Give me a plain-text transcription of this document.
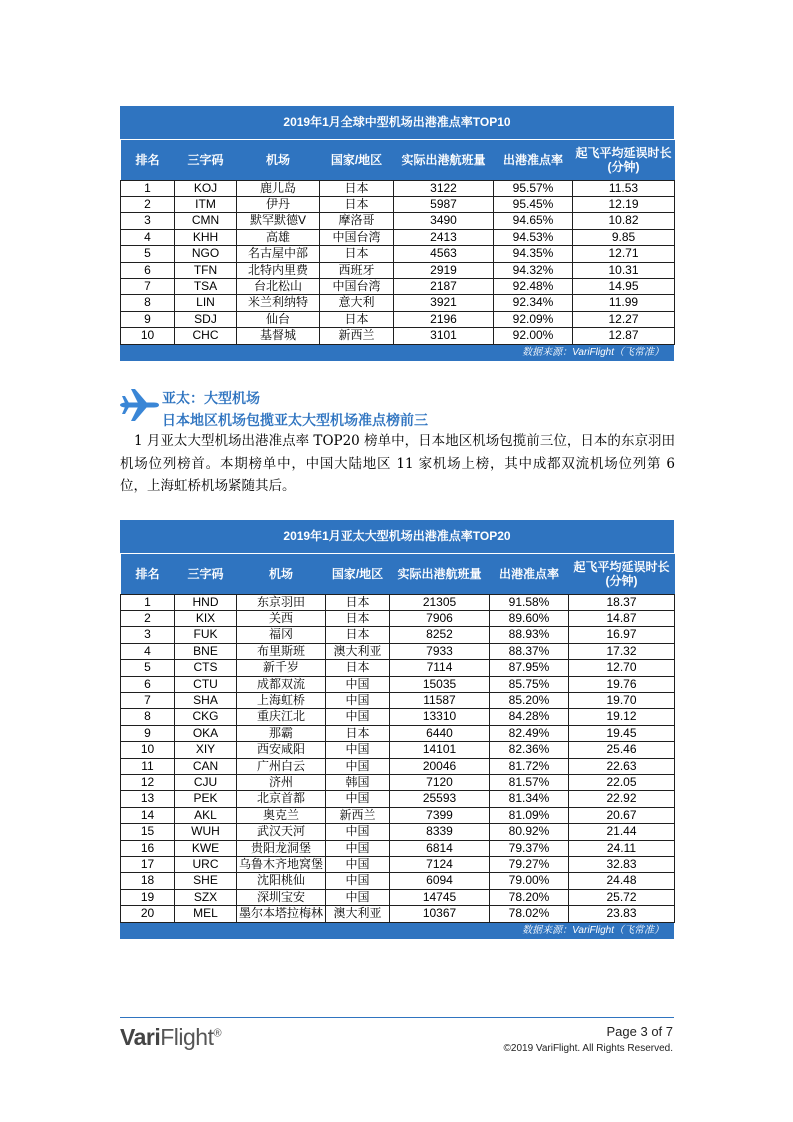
2019年1月全球中型机场出港准点率TOP10
排名	三字码	机场	国家/地区	实际出港航班量	出港准点率	起飞平均延误时长
(分钟)

1	KOJ	鹿儿岛	日本	3122	95.57%	11.53
2	ITM	伊丹	日本	5987	95.45%	12.19
3	CMN	默罕默德V	摩洛哥	3490	94.65%	10.82
4	KHH	高雄	中国台湾	2413	94.53%	9.85
5	NGO	名古屋中部	日本	4563	94.35%	12.71
6	TFN	北特内里费	西班牙	2919	94.32%	10.31
7	TSA	台北松山	中国台湾	2187	92.48%	14.95
8	LIN	米兰利纳特	意大利	3921	92.34%	11.99
9	SDJ	仙台	日本	2196	92.09%	12.27
10	CHC	基督城	新西兰	3101	92.00%	12.87
数据来源：VariFlight（飞常准）
亚太：大型机场
日本地区机场包揽亚太大型机场准点榜前三
1 月亚太大型机场出港准点率 TOP20 榜单中，日本地区机场包揽前三位，日本的东京羽田机场位列榜首。本期榜单中，中国大陆地区 11 家机场上榜，其中成都双流机场位列第 6 位，上海虹桥机场紧随其后。
2019年1月亚太大型机场出港准点率TOP20
排名	三字码	机场	国家/地区	实际出港航班量	出港准点率	起飞平均延误时长
(分钟)

1	HND	东京羽田	日本	21305	91.58%	18.37
2	KIX	关西	日本	7906	89.60%	14.87
3	FUK	福冈	日本	8252	88.93%	16.97
4	BNE	布里斯班	澳大利亚	7933	88.37%	17.32
5	CTS	新千岁	日本	7114	87.95%	12.70
6	CTU	成都双流	中国	15035	85.75%	19.76
7	SHA	上海虹桥	中国	11587	85.20%	19.70
8	CKG	重庆江北	中国	13310	84.28%	19.12
9	OKA	那霸	日本	6440	82.49%	19.45
10	XIY	西安咸阳	中国	14101	82.36%	25.46
11	CAN	广州白云	中国	20046	81.72%	22.63
12	CJU	济州	韩国	7120	81.57%	22.05
13	PEK	北京首都	中国	25593	81.34%	22.92
14	AKL	奥克兰	新西兰	7399	81.09%	20.67
15	WUH	武汉天河	中国	8339	80.92%	21.44
16	KWE	贵阳龙洞堡	中国	6814	79.37%	24.11
17	URC	乌鲁木齐地窝堡	中国	7124	79.27%	32.83
18	SHE	沈阳桃仙	中国	6094	79.00%	24.48
19	SZX	深圳宝安	中国	14745	78.20%	25.72
20	MEL	墨尔本塔拉梅林	澳大利亚	10367	78.02%	23.83
数据来源：VariFlight（飞常准）
VariFlight®	Page 3 of 7
©2019 VariFlight. All Rights Reserved.
